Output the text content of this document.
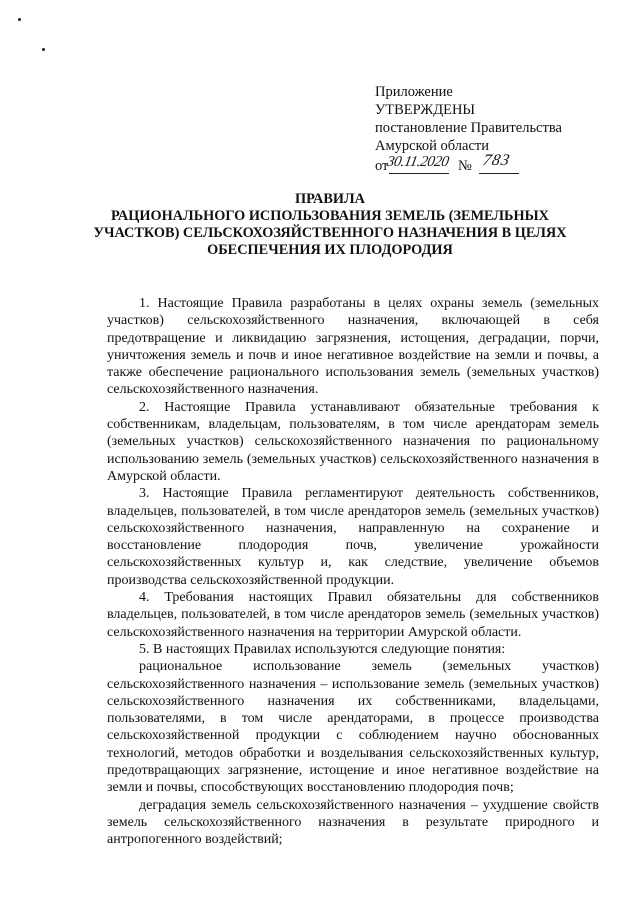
Приложение
УТВЕРЖДЕНЫ
постановление Правительства
Амурской области
от
30.11.2020 № 783
ПРАВИЛА
РАЦИОНАЛЬНОГО ИСПОЛЬЗОВАНИЯ ЗЕМЕЛЬ (ЗЕМЕЛЬНЫХ
УЧАСТКОВ) СЕЛЬСКОХОЗЯЙСТВЕННОГО НАЗНАЧЕНИЯ В ЦЕЛЯХ
ОБЕСПЕЧЕНИЯ ИХ ПЛОДОРОДИЯ

1. Настоящие Правила разработаны в целях охраны земель (земельных участков) сельскохозяйственного назначения, включающей в себя предотвращение и ликвидацию загрязнения, истощения, деградации, порчи, уничтожения земель и почв и иное негативное воздействие на земли и почвы, а также обеспечение рационального использования земель (земельных участков) сельскохозяйственного назначения.

2. Настоящие Правила устанавливают обязательные требования к собственникам, владельцам, пользователям, в том числе арендаторам земель (земельных участков) сельскохозяйственного назначения по рациональному использованию земель (земельных участков) сельскохозяйственного назначения в Амурской области.

3. Настоящие Правила регламентируют деятельность собственников, владельцев, пользователей, в том числе арендаторов земель (земельных участков) сельскохозяйственного назначения, направленную на сохранение и восстановление плодородия почв, увеличение урожайности сельскохозяйственных культур и, как следствие, увеличение объемов производства сельскохозяйственной продукции.

4. Требования настоящих Правил обязательны для собственников владельцев, пользователей, в том числе арендаторов земель (земельных участков) сельскохозяйственного назначения на территории Амурской области.

5. В настоящих Правилах используются следующие понятия:

рациональное использование земель (земельных участков) сельскохозяйственного назначения – использование земель (земельных участков) сельскохозяйственного назначения их собственниками, владельцами, пользователями, в том числе арендаторами, в процессе производства сельскохозяйственной продукции с соблюдением научно обоснованных технологий, методов обработки и возделывания сельскохозяйственных культур, предотвращающих загрязнение, истощение и иное негативное воздействие на земли и почвы, способствующих восстановлению плодородия почв;

деградация земель сельскохозяйственного назначения – ухудшение свойств земель сельскохозяйственного назначения в результате природного и антропогенного воздействий;
